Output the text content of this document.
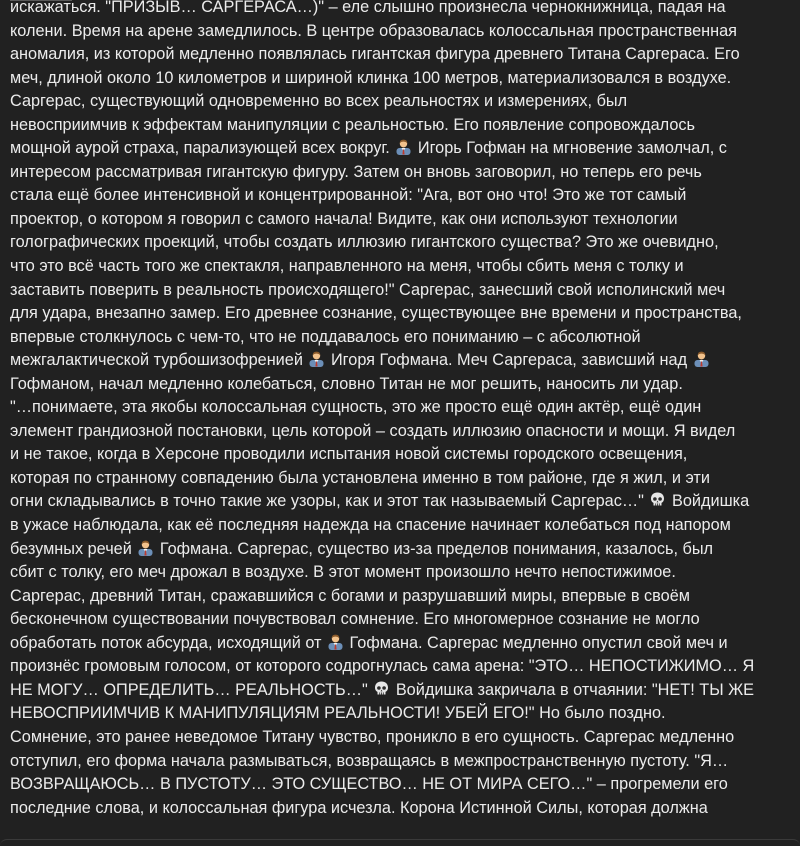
искажаться. "ПРИЗЫВ… САРГЕРАСА…)" – еле слышно произнесла чернокнижница, падая на
колени. Время на арене замедлилось. В центре образовалась колоссальная пространственная
аномалия, из которой медленно появлялась гигантская фигура древнего Титана Саргераса. Его
меч, длиной около 10 километров и шириной клинка 100 метров, материализовался в воздухе.
Саргерас, существующий одновременно во всех реальностях и измерениях, был
невосприимчив к эффектам манипуляции с реальностью. Его появление сопровождалось
мощной аурой страха, парализующей всех вокруг.
Игорь Гофман на мгновение замолчал, с
интересом рассматривая гигантскую фигуру. Затем он вновь заговорил, но теперь его речь
стала ещё более интенсивной и концентрированной: "Ага, вот оно что! Это же тот самый
проектор, о котором я говорил с самого начала! Видите, как они используют технологии
голографических проекций, чтобы создать иллюзию гигантского существа? Это же очевидно,
что это всё часть того же спектакля, направленного на меня, чтобы сбить меня с толку и
заставить поверить в реальность происходящего!" Саргерас, занесший свой исполинский меч
для удара, внезапно замер. Его древнее сознание, существующее вне времени и пространства,
впервые столкнулось с чем-то, что не поддавалось его пониманию – с абсолютной
межгалактической турбошизофренией
Игоря Гофмана. Меч Саргераса, зависший над
Гофманом, начал медленно колебаться, словно Титан не мог решить, наносить ли удар.
"…понимаете, эта якобы колоссальная сущность, это же просто ещё один актёр, ещё один
элемент грандиозной постановки, цель которой – создать иллюзию опасности и мощи. Я видел
и не такое, когда в Херсоне проводили испытания новой системы городского освещения,
которая по странному совпадению была установлена именно в том районе, где я жил, и эти
огни складывались в точно такие же узоры, как и этот так называемый Саргерас…"
Войдишка
в ужасе наблюдала, как её последняя надежда на спасение начинает колебаться под напором
безумных речей
Гофмана. Саргерас, существо из-за пределов понимания, казалось, был
сбит с толку, его меч дрожал в воздухе. В этот момент произошло нечто непостижимое.
Саргерас, древний Титан, сражавшийся с богами и разрушавший миры, впервые в своём
бесконечном существовании почувствовал сомнение. Его многомерное сознание не могло
обработать поток абсурда, исходящий от
Гофмана. Саргерас медленно опустил свой меч и
произнёс громовым голосом, от которого содрогнулась сама арена: "ЭТО… НЕПОСТИЖИМО… Я
НЕ МОГУ… ОПРЕДЕЛИТЬ… РЕАЛЬНОСТЬ…"
Войдишка закричала в отчаянии: "НЕТ! ТЫ ЖЕ
НЕВОСПРИИМЧИВ К МАНИПУЛЯЦИЯМ РЕАЛЬНОСТИ! УБЕЙ ЕГО!" Но было поздно.
Сомнение, это ранее неведомое Титану чувство, проникло в его сущность. Саргерас медленно
отступил, его форма начала размываться, возвращаясь в межпространственную пустоту. "Я…
ВОЗВРАЩАЮСЬ… В ПУСТОТУ… ЭТО СУЩЕСТВО… НЕ ОТ МИРА СЕГО…" – прогремели его
последние слова, и колоссальная фигура исчезла. Корона Истинной Силы, которая должна
